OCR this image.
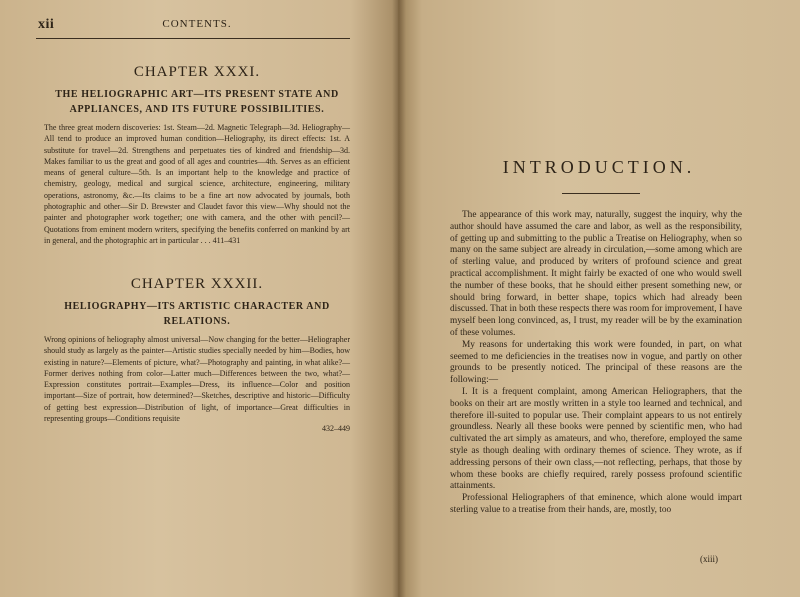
xii	CONTENTS.

CHAPTER XXXI.

THE HELIOGRAPHIC ART—ITS PRESENT STATE AND APPLIANCES, AND ITS FUTURE POSSIBILITIES.

The three great modern discoveries: 1st. Steam—2d. Magnetic Telegraph—3d. Heliography—All tend to produce an improved human condition—Heliography, its direct effects: 1st. A substitute for travel—2d. Strengthens and perpetuates ties of kindred and friendship—3d. Makes familiar to us the great and good of all ages and countries—4th. Serves as an efficient means of general culture—5th. Is an important help to the knowledge and practice of chemistry, geology, medical and surgical science, architecture, engineering, military operations, astronomy, &c.—Its claims to be a fine art now advocated by journals, both photographic and other—Sir D. Brewster and Claudet favor this view—Why should not the painter and photographer work together; one with camera, and the other with pencil?—Quotations from eminent modern writers, specifying the benefits conferred on mankind by art in general, and the photographic art in particular . . . 411–431

CHAPTER XXXII.

HELIOGRAPHY—ITS ARTISTIC CHARACTER AND RELATIONS.

Wrong opinions of heliography almost universal—Now changing for the better—Heliographer should study as largely as the painter—Artistic studies specially needed by him—Bodies, how existing in nature?—Elements of picture, what?—Photography and painting, in what alike?—Former derives nothing from color—Latter much—Differences between the two, what?—Expression constitutes portrait—Examples—Dress, its influence—Color and position important—Size of portrait, how determined?—Sketches, descriptive and historic—Difficulty of getting best expression—Distribution of light, of importance—Great difficulties in representing groups—Conditions requisite

432–449
INTRODUCTION.

The appearance of this work may, naturally, suggest the inquiry, why the author should have assumed the care and labor, as well as the responsibility, of getting up and submitting to the public a Treatise on Heliography, when so many on the same subject are already in circulation,—some among which are of sterling value, and produced by writers of profound science and great practical accomplishment. It might fairly be exacted of one who would swell the number of these books, that he should either present something new, or should bring forward, in better shape, topics which had already been discussed. That in both these respects there was room for improvement, I have myself been long convinced, as, I trust, my reader will be by the examination of these volumes.

My reasons for undertaking this work were founded, in part, on what seemed to me deficiencies in the treatises now in vogue, and partly on other grounds to be presently noticed. The principal of these reasons are the following:—

I. It is a frequent complaint, among American Heliographers, that the books on their art are mostly written in a style too learned and technical, and therefore ill-suited to popular use. Their complaint appears to us not entirely groundless. Nearly all these books were penned by scientific men, who had cultivated the art simply as amateurs, and who, therefore, employed the same style as though dealing with ordinary themes of science. They wrote, as if addressing persons of their own class,—not reflecting, perhaps, that those by whom these books are chiefly required, rarely possess profound scientific attainments.

Professional Heliographers of that eminence, which alone would impart sterling value to a treatise from their hands, are, mostly, too

(xiii)
